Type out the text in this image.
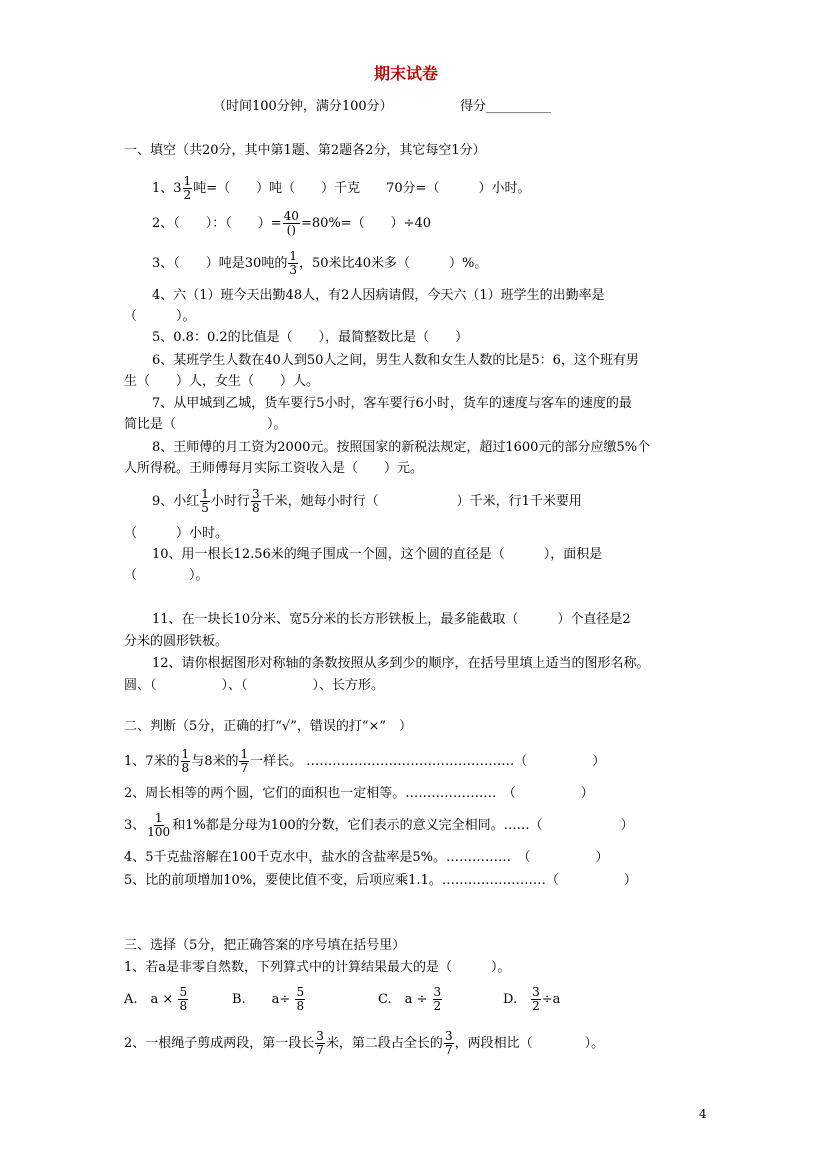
期末试卷
（时间100分钟，满分100分）	得分__________
一、填空（共20分，其中第1题、第2题各2分，其它每空1分）
1、$3 \frac{1}{2}$ 吨=（　　）吨（　　）千克　　70分=（　　　）小时。
2、（　　）：（　　）= $\frac{40}{()} =80\%=$（　　）÷40
3、（　　）吨是30吨的 $\frac{1}{3}$ ，50米比40米多（　　　）%。
4、六（1）班今天出勤48人，有2人因病请假，今天六（1）班学生的出勤率是
（　　　）。
5、0.8：0.2的比值是（　　），最简整数比是（　　）
6、某班学生人数在40人到50人之间，男生人数和女生人数的比是5：6，这个班有男
生（　　）人，女生（　　）人。
7、从甲城到乙城，货车要行5小时，客车要行6小时，货车的速度与客车的速度的最
简比是（　　　　　　　）。
8、王师傅的月工资为2000元。按照国家的新税法规定，超过1600元的部分应缴5%个
人所得税。王师傅每月实际工资收入是（　　）元。
9、小红 $\frac{1}{5}$ 小时行 $\frac{3}{8}$ 千米，她每小时行（　　　　　　）千米，行1千米要用
（　　　）小时。
10、用一根长12.56米的绳子围成一个圆，这个圆的直径是（　　　），面积是
（　　　　）。
11、在一块长10分米、宽5分米的长方形铁板上，最多能截取（　　　）个直径是2
分米的圆形铁板。
12、请你根据图形对称轴的条数按照从多到少的顺序，在括号里填上适当的图形名称。
圆、（　　　　　）、（　　　　　）、长方形。
二、判断（5分，正确的打“√”，错误的打“×”　）
1、7米的 $\frac{1}{8}$ 与8米的 $\frac{1}{7}$ 一样长。 …………………………………………（　　　　　）
2、周长相等的两个圆，它们的面积也一定相等。…………………　（　　　　　）
3、 $\frac{1}{100}$ 和1%都是分母为100的分数，它们表示的意义完全相同。……（　　　　　　）
4、5千克盐溶解在100千克水中，盐水的含盐率是5%。……………　（　　　　　）
5、比的前项增加10%，要使比值不变，后项应乘1.1。……………………（　　　　　）
三、选择（5分，把正确答案的序号填在括号里）
1、若a是非零自然数，下列算式中的计算结果最大的是（　　　）。
A.　$a \times \frac{5}{8}$	B.　　$a\div \frac{5}{8}$	C.　$a \div \frac{3}{2}$	D.　 $\frac{3}{2} \div a$
2、一根绳子剪成两段，第一段长 $\frac{3}{7}$ 米，第二段占全长的 $\frac{3}{7}$ ，两段相比（　　　　）。
4
